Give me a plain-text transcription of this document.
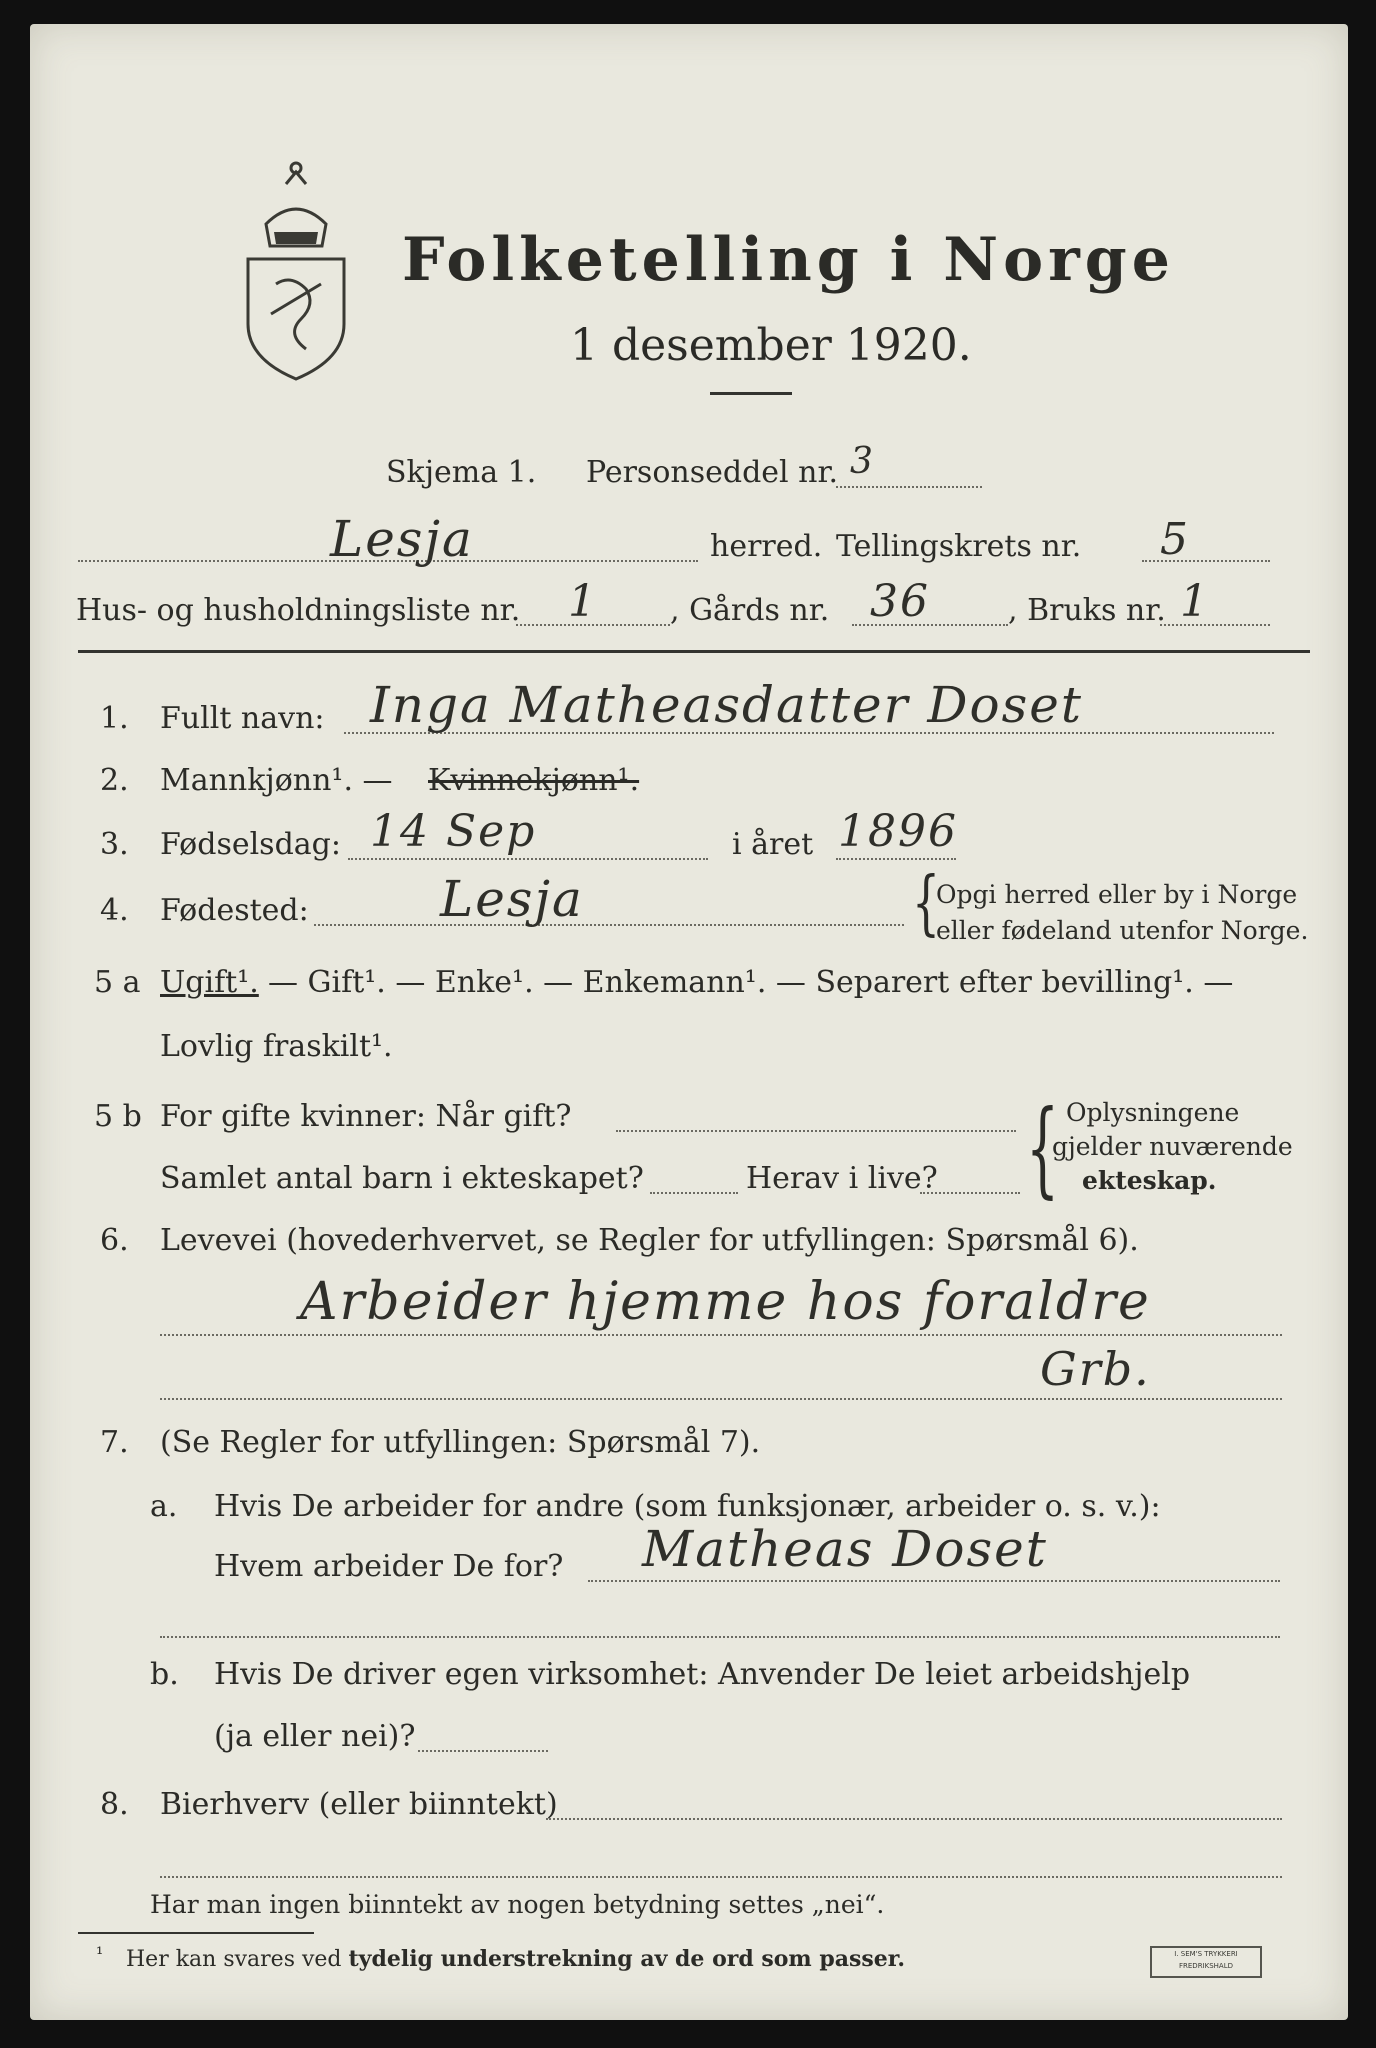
Folketelling i Norge
1 desember 1920.
Skjema 1. Personseddel nr. 3
Lesja	herred. Tellingskrets nr. 5
Hus- og husholdningsliste nr. 1 , Gårds nr. 36	, Bruks nr. 1
1. Fullt navn: Inga Matheasdatter Doset
2. Mannkjønn¹. — Kvinnekjønn¹.
3. Fødselsdag: 14 Sep	i året 1896
4. Fødested:	Lesja	{
Opgi herred eller by i Norge
eller fødeland utenfor Norge.
5 a Ugift¹. — Gift¹. — Enke¹. — Enkemann¹. — Separert efter bevilling¹. —
Lovlig fraskilt¹.
5 b For gifte kvinner: Når gift?
Samlet antal barn i ekteskapet?	Herav i live? { Oplysningene
gjelder nuværende
ekteskap.
6. Levevei (hovederhvervet, se Regler for utfyllingen: Spørsmål 6).
Arbeider hjemme hos foraldre
Grb.
7. (Se Regler for utfyllingen: Spørsmål 7).
a. Hvis De arbeider for andre (som funksjonær, arbeider o. s. v.):
Hvem arbeider De for? Matheas Doset
b. Hvis De driver egen virksomhet: Anvender De leiet arbeidshjelp
(ja eller nei)?
8. Bierhverv (eller biinntekt)
Har man ingen biinntekt av nogen betydning settes „nei“.
¹ Her kan svares ved tydelig understrekning av de ord som passer.	I. SEM'S TRYKKERI
FREDRIKSHALD
